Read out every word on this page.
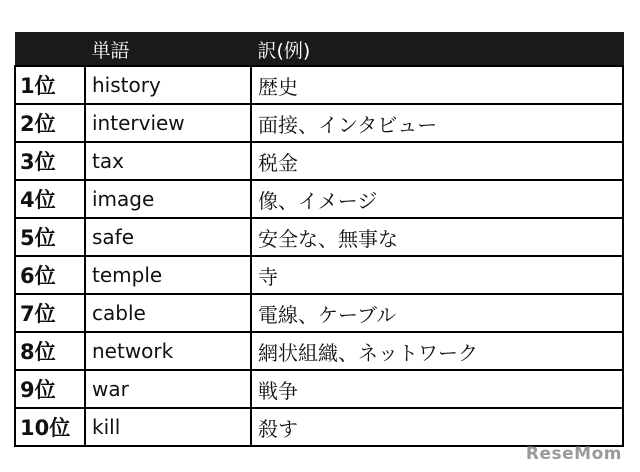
	単語	訳(例)
1位	history	歴史
2位	interview	面接、インタビュー
3位	tax	税金
4位	image	像、イメージ
5位	safe	安全な、無事な
6位	temple	寺
7位	cable	電線、ケーブル
8位	network	網状組織、ネットワーク
9位	war	戦争
10位	kill	殺す
ReseMom
